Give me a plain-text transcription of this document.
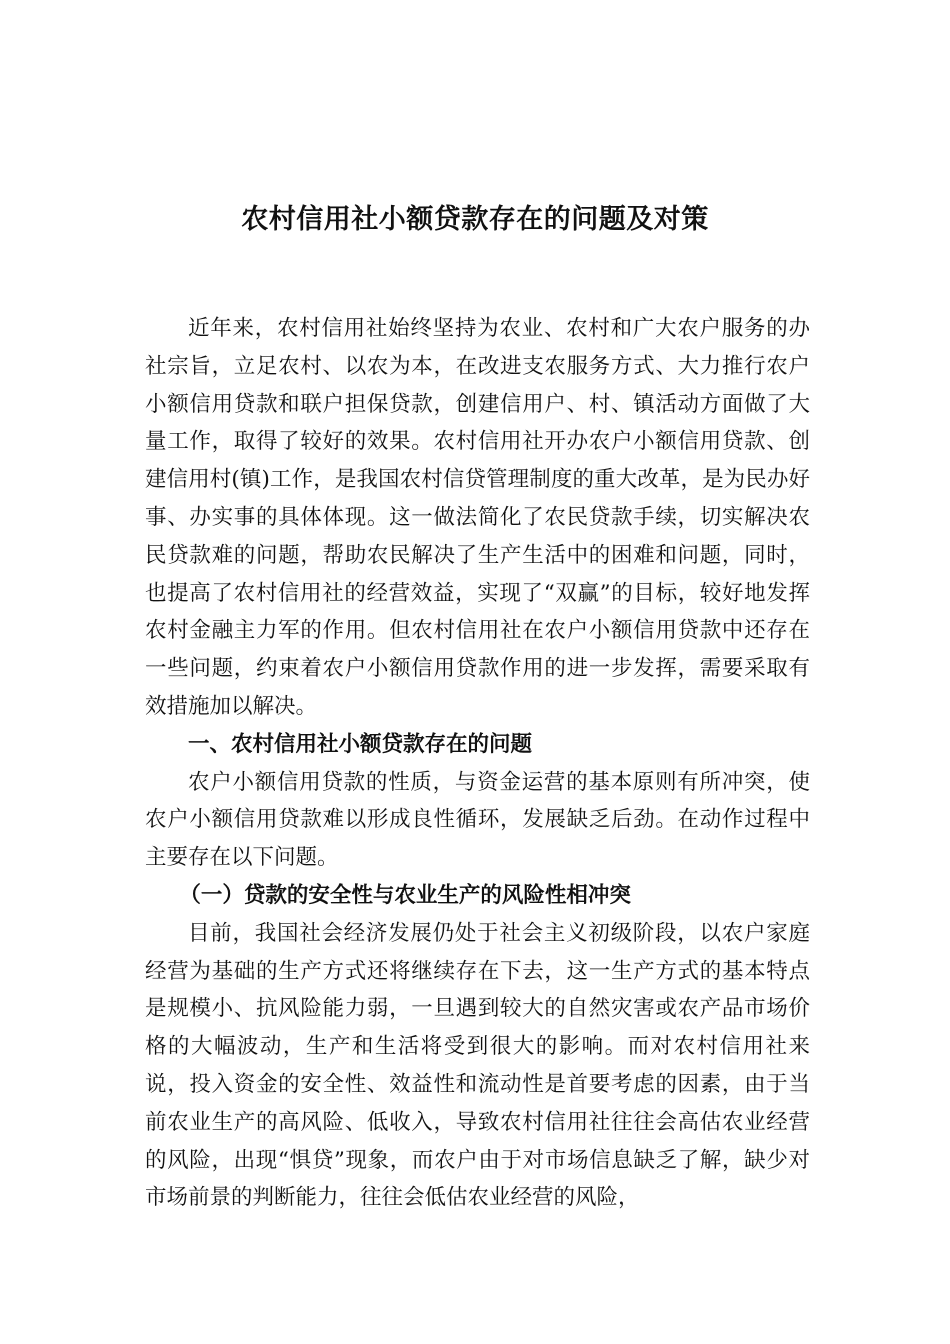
农村信用社小额贷款存在的问题及对策

近年来，农村信用社始终坚持为农业、农村和广大农户服务的办社宗旨，立足农村、以农为本，在改进支农服务方式、大力推行农户小额信用贷款和联户担保贷款，创建信用户、村、镇活动方面做了大量工作，取得了较好的效果。农村信用社开办农户小额信用贷款、创建信用村(镇)工作，是我国农村信贷管理制度的重大改革，是为民办好事、办实事的具体体现。这一做法简化了农民贷款手续，切实解决农民贷款难的问题，帮助农民解决了生产生活中的困难和问题，同时，也提高了农村信用社的经营效益，实现了“双赢”的目标，较好地发挥农村金融主力军的作用。但农村信用社在农户小额信用贷款中还存在一些问题，约束着农户小额信用贷款作用的进一步发挥，需要采取有效措施加以解决。

一、农村信用社小额贷款存在的问题

农户小额信用贷款的性质，与资金运营的基本原则有所冲突，使农户小额信用贷款难以形成良性循环，发展缺乏后劲。在动作过程中主要存在以下问题。

（一）贷款的安全性与农业生产的风险性相冲突

目前，我国社会经济发展仍处于社会主义初级阶段，以农户家庭经营为基础的生产方式还将继续存在下去，这一生产方式的基本特点是规模小、抗风险能力弱，一旦遇到较大的自然灾害或农产品市场价格的大幅波动，生产和生活将受到很大的影响。而对农村信用社来说，投入资金的安全性、效益性和流动性是首要考虑的因素，由于当前农业生产的高风险、低收入，导致农村信用社往往会高估农业经营的风险，出现“惧贷”现象，而农户由于对市场信息缺乏了解，缺少对市场前景的判断能力，往往会低估农业经营的风险，
